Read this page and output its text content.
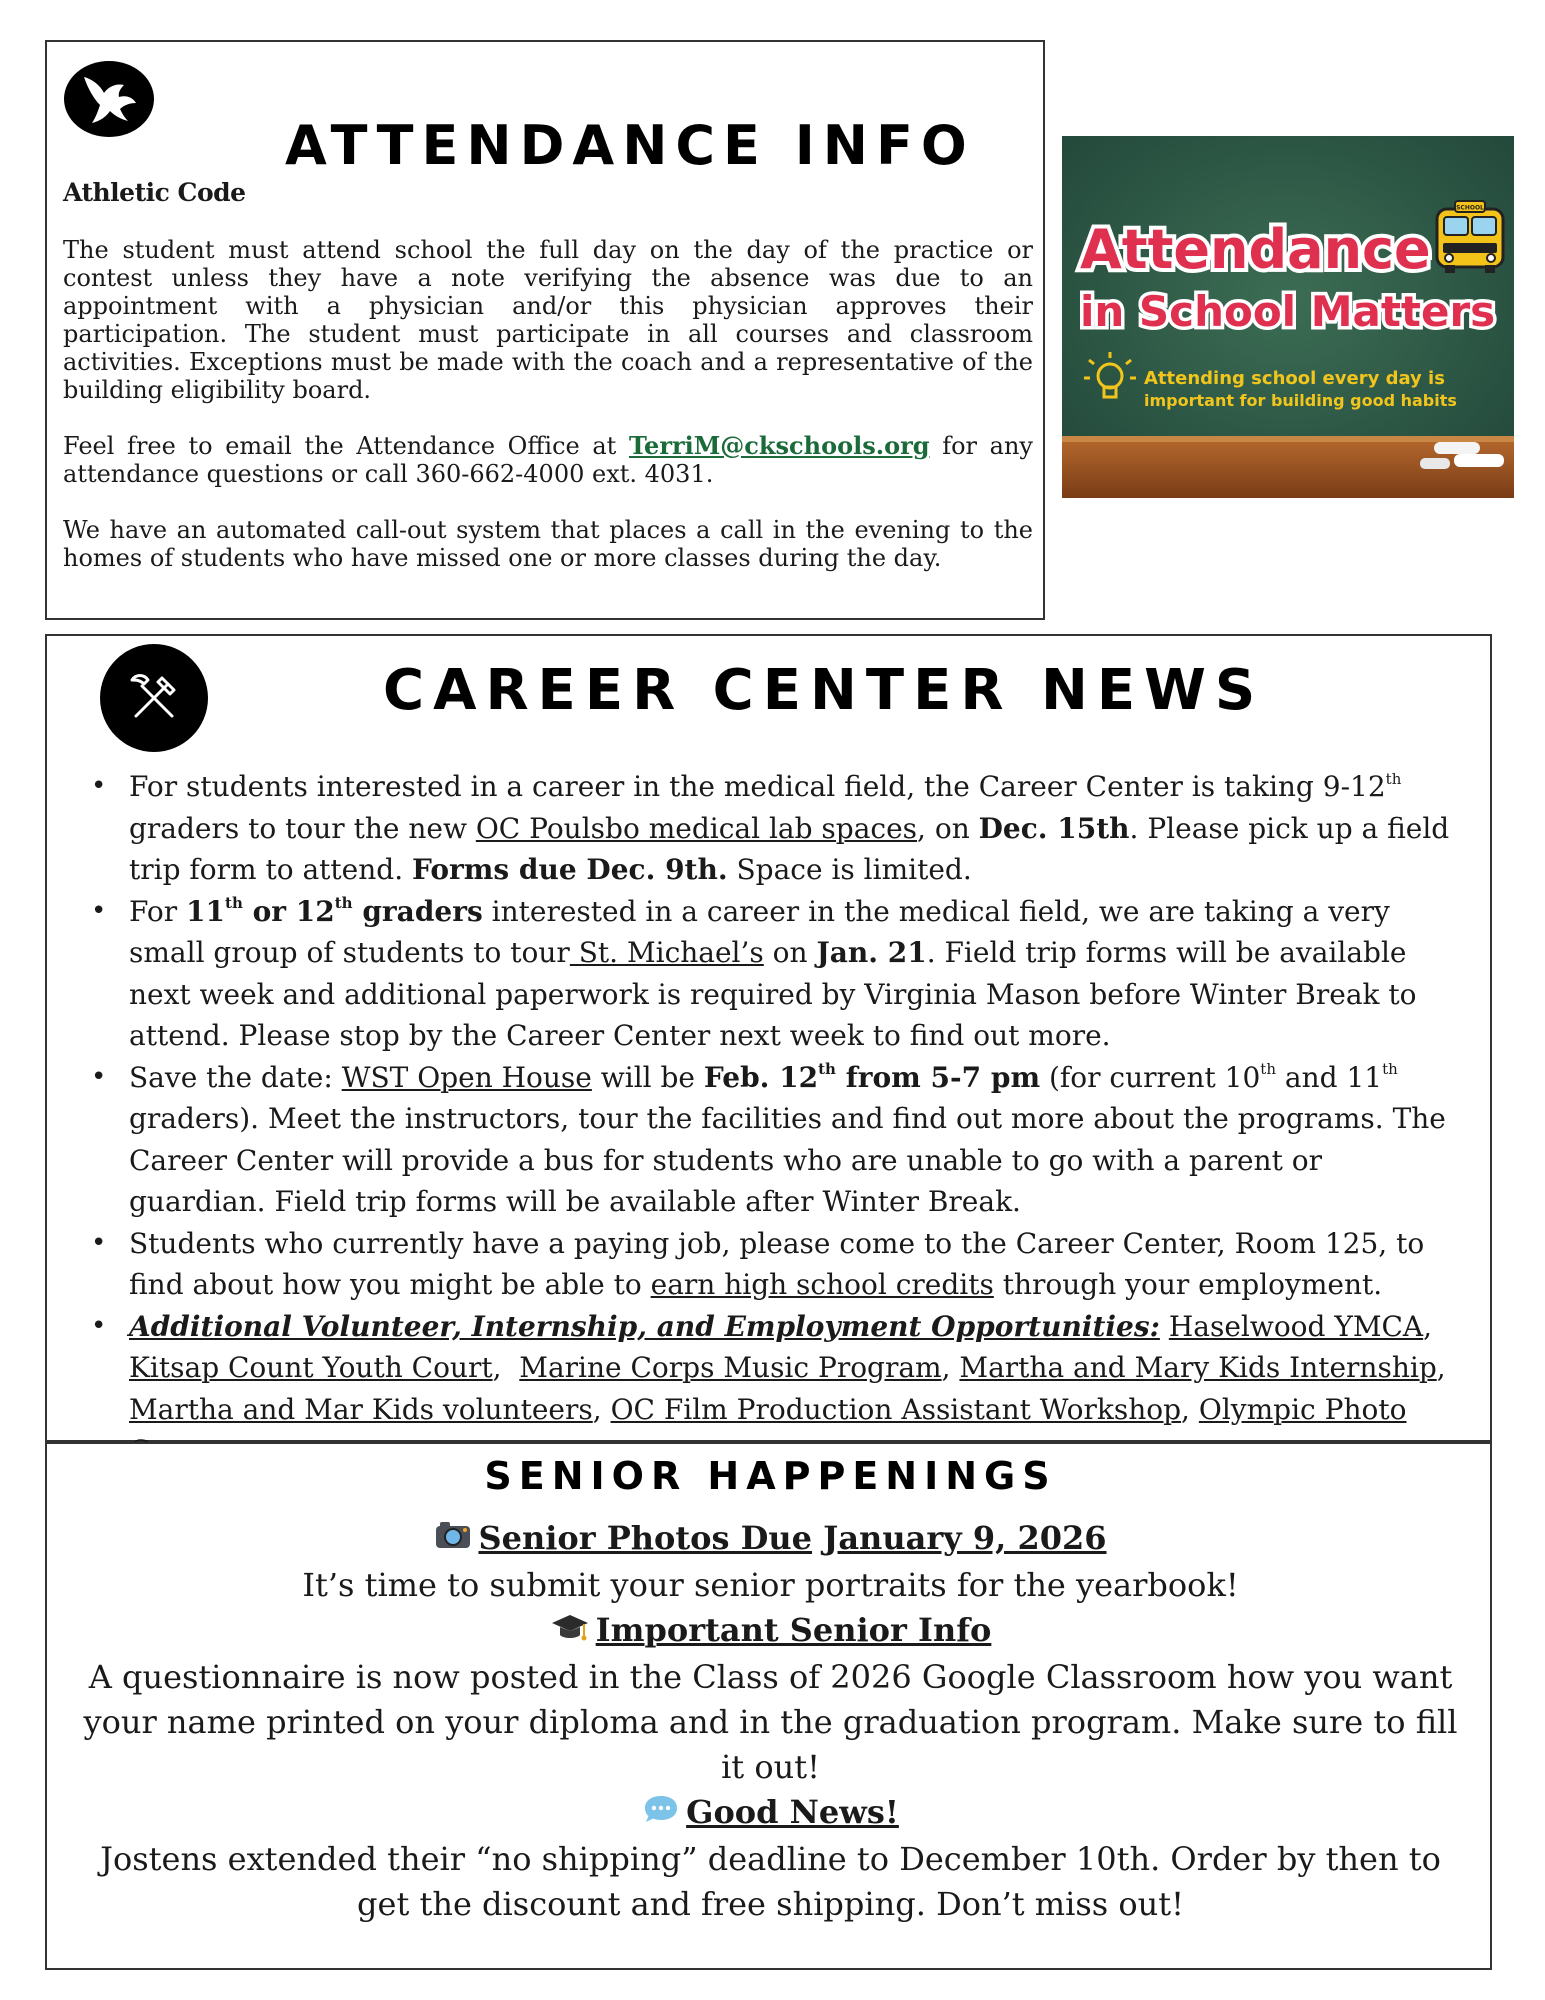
ATTENDANCE INFO
Athletic Code

The student must attend school the full day on the day of the practice or contest unless they have a note verifying the absence was due to an appointment with a physician and/or this physician approves their participation. The student must participate in all courses and classroom activities. Exceptions must be made with the coach and a representative of the building eligibility board.

Feel free to email the Attendance Office at TerriM@ckschools.org for any attendance questions or call 360-662-4000 ext. 4031.

We have an automated call-out system that places a call in the evening to the homes of students who have missed one or more classes during the day.

SCHOOL
Attendance
in School Matters
Attending school every day is
important for building good habits
CAREER CENTER NEWS
• For students interested in a career in the medical field, the Career Center is taking 9-12th graders to tour the new OC Poulsbo medical lab spaces, on Dec. 15th. Please pick up a field trip form to attend. Forms due Dec. 9th. Space is limited.
• For 11th or 12th graders interested in a career in the medical field, we are taking a very small group of students to tour St. Michael’s on Jan. 21. Field trip forms will be available next week and additional paperwork is required by Virginia Mason before Winter Break to attend. Please stop by the Career Center next week to find out more.
• Save the date: WST Open House will be Feb. 12th from 5-7 pm (for current 10th and 11th graders). Meet the instructors, tour the facilities and find out more about the programs. The Career Center will provide a bus for students who are unable to go with a parent or guardian. Field trip forms will be available after Winter Break.
• Students who currently have a paying job, please come to the Career Center, Room 125, to find about how you might be able to earn high school credits through your employment.
• Additional Volunteer, Internship, and Employment Opportunities: Haselwood YMCA, Kitsap Count Youth Court,  Marine Corps Music Program, Martha and Mary Kids Internship, Martha and Mar Kids volunteers, OC Film Production Assistant Workshop, Olympic Photo
SENIOR HAPPENINGS

Senior Photos Due January 9, 2026

It’s time to submit your senior portraits for the yearbook!

Important Senior Info

A questionnaire is now posted in the Class of 2026 Google Classroom how you want your name printed on your diploma and in the graduation program. Make sure to fill it out!

Good News!

Jostens extended their “no shipping” deadline to December 10th. Order by then to get the discount and free shipping. Don’t miss out!
